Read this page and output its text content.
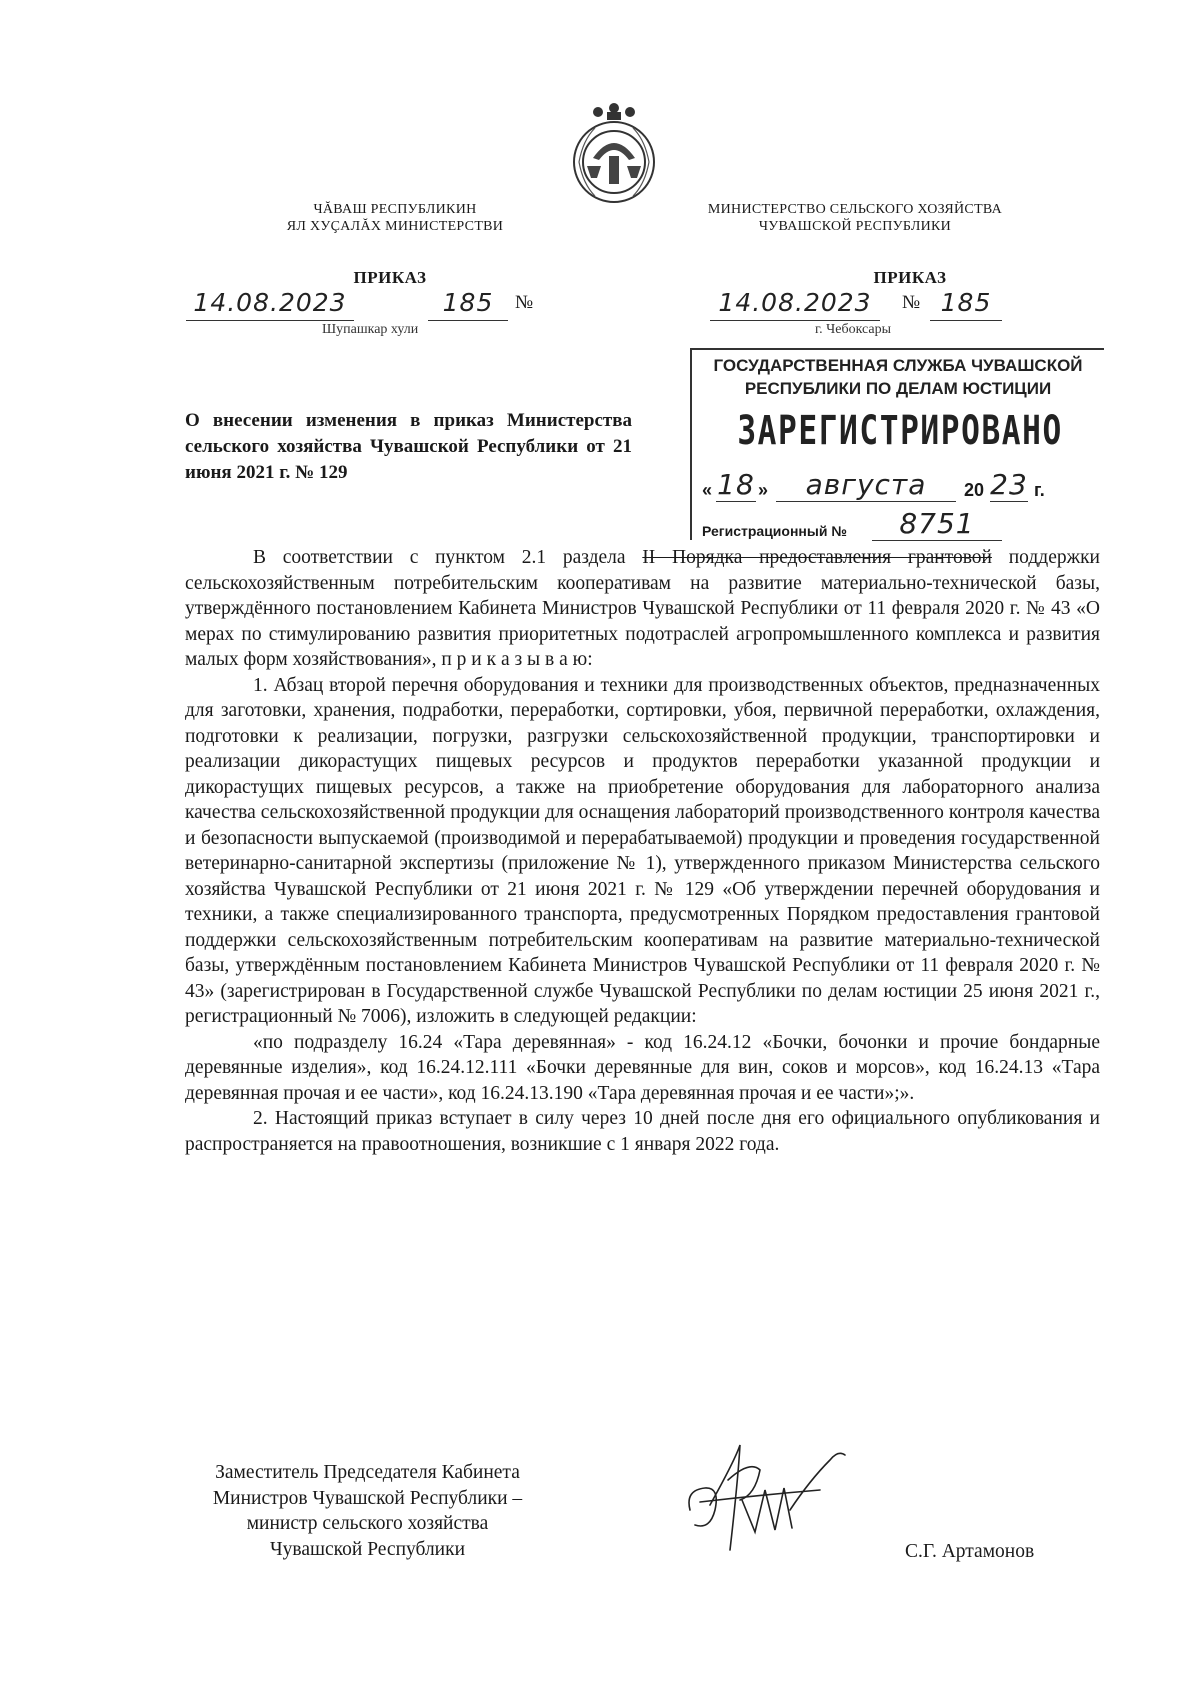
ЧĂВАШ РЕСПУБЛИКИН
ЯЛ ХУҪАЛĂХ МИНИСТЕРСТВИ
МИНИСТЕРСТВО СЕЛЬСКОГО ХОЗЯЙСТВА
ЧУВАШСКОЙ РЕСПУБЛИКИ
ПРИКАЗ	ПРИКАЗ
14.08.2023	185	№
Шупашкар хули
14.08.2023	№ 185
г. Чебоксары
ГОСУДАРСТВЕННАЯ СЛУЖБА ЧУВАШСКОЙ
РЕСПУБЛИКИ ПО ДЕЛАМ ЮСТИЦИИ
ЗАРЕГИСТРИРОВАНО
« 18 »	августа	20 23 г.
Регистрационный №	8751
О внесении изменения в приказ Министерства сельского хозяйства Чувашской Республики от 21 июня 2021 г. № 129

В соответствии с пунктом 2.1 раздела II Порядка предоставления грантовой поддержки сельскохозяйственным потребительским кооперативам на развитие материально-технической базы, утверждённого постановлением Кабинета Министров Чувашской Республики от 11 февраля 2020 г. № 43 «О мерах по стимулированию развития приоритетных подотраслей агропромышленного комплекса и развития малых форм хозяйствования», п р и к а з ы в а ю:

1. Абзац второй перечня оборудования и техники для производственных объектов, предназначенных для заготовки, хранения, подработки, переработки, сортировки, убоя, первичной переработки, охлаждения, подготовки к реализации, погрузки, разгрузки сельскохозяйственной продукции, транспортировки и реализации дикорастущих пищевых ресурсов и продуктов переработки указанной продукции и дикорастущих пищевых ресурсов, а также на приобретение оборудования для лабораторного анализа качества сельскохозяйственной продукции для оснащения лабораторий производственного контроля качества и безопасности выпускаемой (производимой и перерабатываемой) продукции и проведения государственной ветеринарно-санитарной экспертизы (приложение № 1), утвержденного приказом Министерства сельского хозяйства Чувашской Республики от 21 июня 2021 г. № 129 «Об утверждении перечней оборудования и техники, а также специализированного транспорта, предусмотренных Порядком предоставления грантовой поддержки сельскохозяйственным потребительским кооперативам на развитие материально-технической базы, утверждённым постановлением Кабинета Министров Чувашской Республики от 11 февраля 2020 г. № 43» (зарегистрирован в Государственной службе Чувашской Республики по делам юстиции 25 июня 2021 г., регистрационный № 7006), изложить в следующей редакции:

«по подразделу 16.24 «Тара деревянная» - код 16.24.12 «Бочки, бочонки и прочие бондарные деревянные изделия», код 16.24.12.111 «Бочки деревянные для вин, соков и морсов», код 16.24.13 «Тара деревянная прочая и ее части», код 16.24.13.190 «Тара деревянная прочая и ее части»;».

2. Настоящий приказ вступает в силу через 10 дней после дня его официального опубликования и распространяется на правоотношения, возникшие с 1 января 2022 года.

Заместитель Председателя Кабинета
Министров Чувашской Республики –
министр сельского хозяйства
Чувашской Республики	С.Г. Артамонов
